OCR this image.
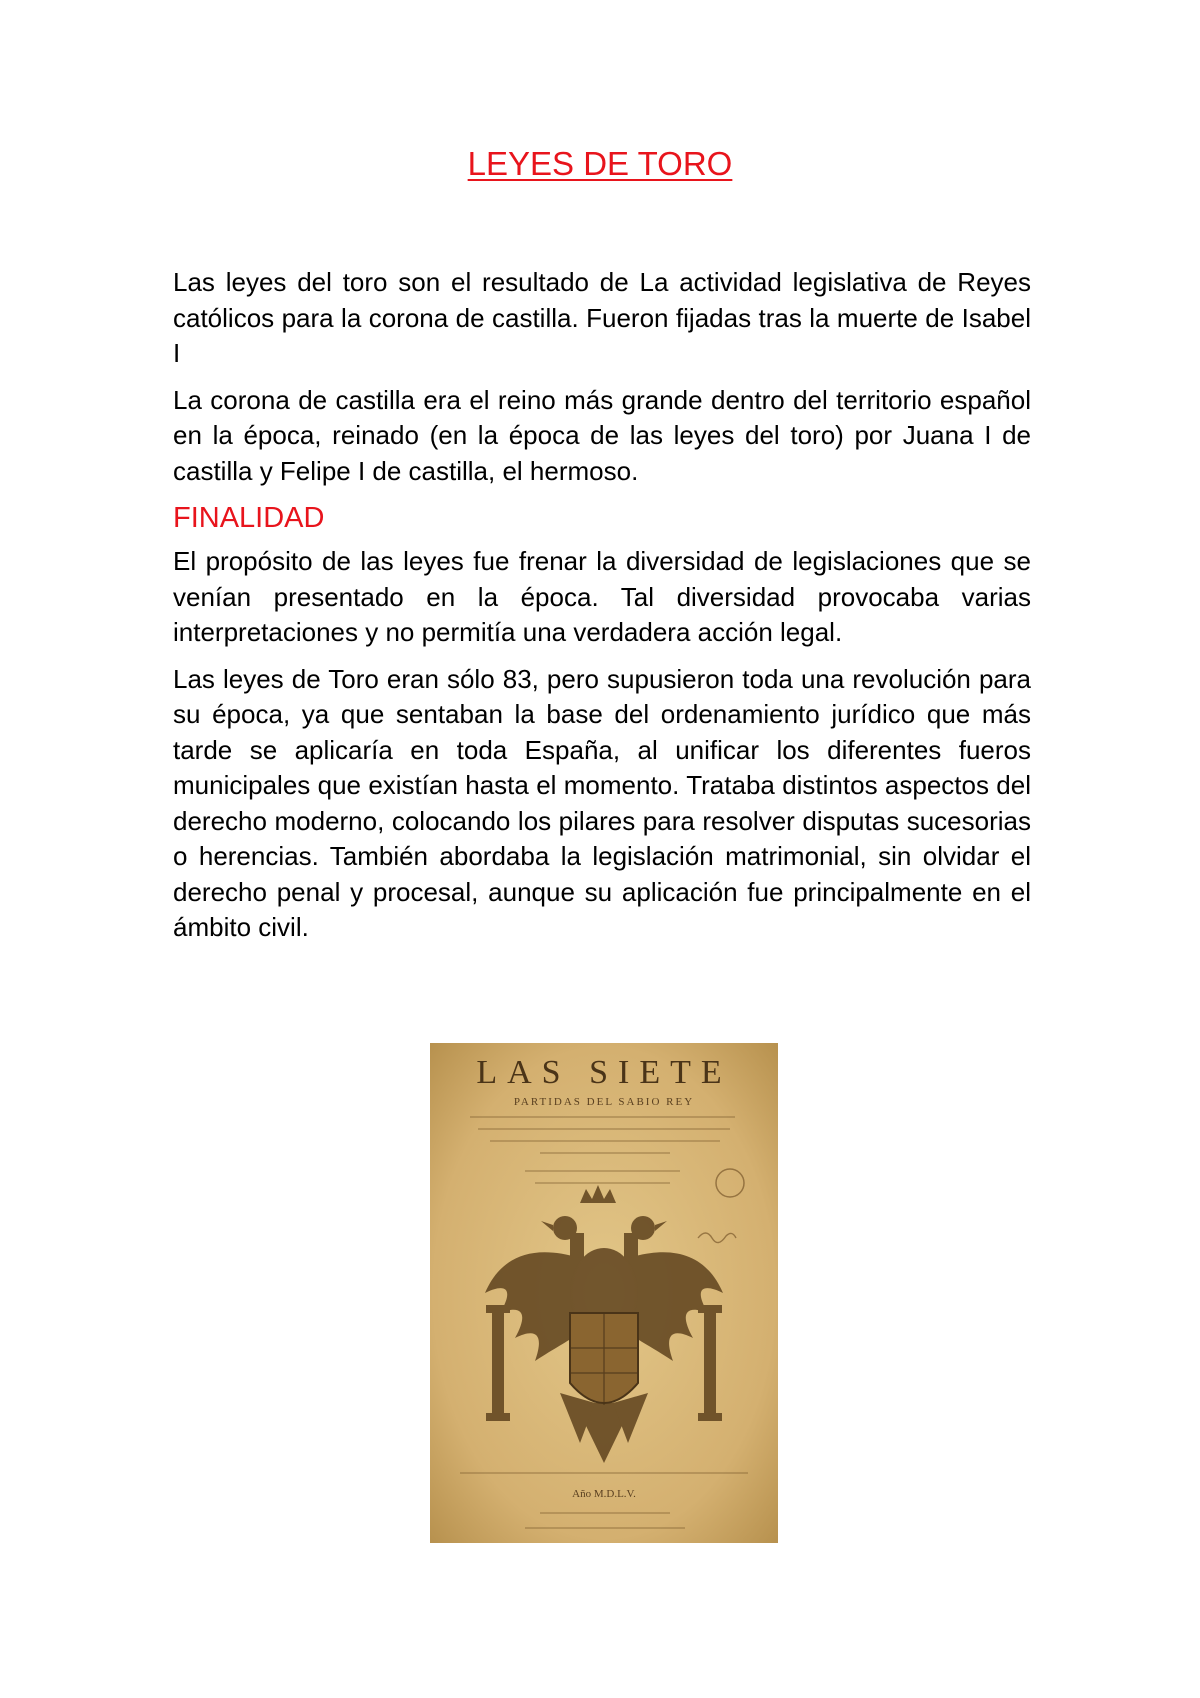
LEYES DE TORO

Las leyes del toro son el resultado de La actividad legislativa de Reyes católicos para la corona de castilla. Fueron fijadas tras la muerte de Isabel I

La corona de castilla era el reino más grande dentro del territorio español en la época, reinado (en la época de las leyes del toro) por Juana I de castilla y Felipe I de castilla, el hermoso.

FINALIDAD

El propósito de las leyes fue frenar la diversidad de legislaciones que se venían presentado en la época. Tal diversidad provocaba varias interpretaciones y no permitía una verdadera acción legal.

Las leyes de Toro eran sólo 83, pero supusieron toda una revolución para su época, ya que sentaban la base del ordenamiento jurídico que más tarde se aplicaría en toda España, al unificar los diferentes fueros municipales que existían hasta el momento. Trataba distintos aspectos del derecho moderno, colocando los pilares para resolver disputas sucesorias o herencias. También abordaba la legislación matrimonial, sin olvidar el derecho penal y procesal, aunque su aplicación fue principalmente en el ámbito civil.

LAS SIETE
PARTIDAS DEL SABIO REY
Año M.D.L.V.
